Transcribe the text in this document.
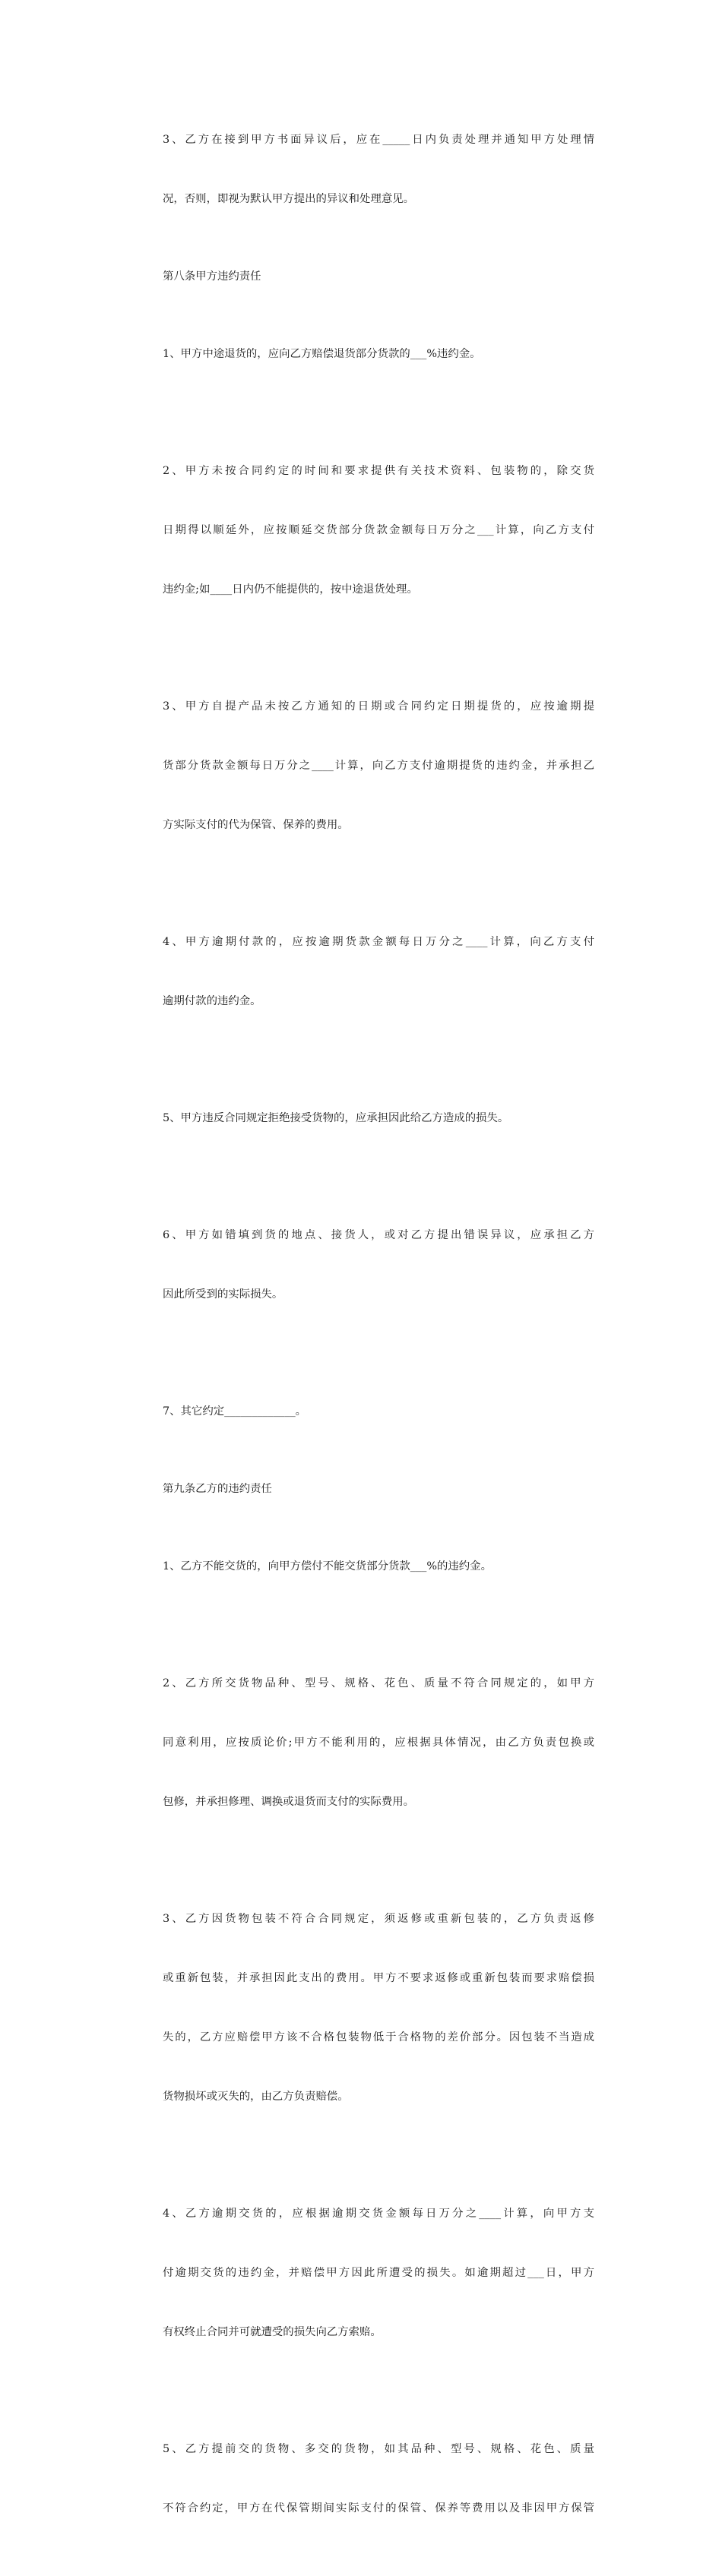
3、乙方在接到甲方书面异议后，应在_____日内负责处理并通知甲方处理情

况，否则，即视为默认甲方提出的异议和处理意见。

第八条甲方违约责任

1、甲方中途退货的，应向乙方赔偿退货部分货款的___%违约金。

2、甲方未按合同约定的时间和要求提供有关技术资料、包装物的，除交货

日期得以顺延外，应按顺延交货部分货款金额每日万分之___计算，向乙方支付

违约金;如____日内仍不能提供的，按中途退货处理。

3、甲方自提产品未按乙方通知的日期或合同约定日期提货的，应按逾期提

货部分货款金额每日万分之____计算，向乙方支付逾期提货的违约金，并承担乙

方实际支付的代为保管、保养的费用。

4、甲方逾期付款的，应按逾期货款金额每日万分之____计算，向乙方支付

逾期付款的违约金。

5、甲方违反合同规定拒绝接受货物的，应承担因此给乙方造成的损失。

6、甲方如错填到货的地点、接货人，或对乙方提出错误异议，应承担乙方

因此所受到的实际损失。

7、其它约定_____________。

第九条乙方的违约责任

1、乙方不能交货的，向甲方偿付不能交货部分货款___%的违约金。

2、乙方所交货物品种、型号、规格、花色、质量不符合同规定的，如甲方

同意利用，应按质论价;甲方不能利用的，应根据具体情况，由乙方负责包换或

包修，并承担修理、调换或退货而支付的实际费用。

3、乙方因货物包装不符合合同规定，须返修或重新包装的，乙方负责返修

或重新包装，并承担因此支出的费用。甲方不要求返修或重新包装而要求赔偿损

失的，乙方应赔偿甲方该不合格包装物低于合格物的差价部分。因包装不当造成

货物损坏或灭失的，由乙方负责赔偿。

4、乙方逾期交货的，应根据逾期交货金额每日万分之____计算，向甲方支

付逾期交货的违约金，并赔偿甲方因此所遭受的损失。如逾期超过___日，甲方

有权终止合同并可就遭受的损失向乙方索赔。

5、乙方提前交的货物、多交的货物，如其品种、型号、规格、花色、质量

不符合约定，甲方在代保管期间实际支付的保管、保养等费用以及非因甲方保管
